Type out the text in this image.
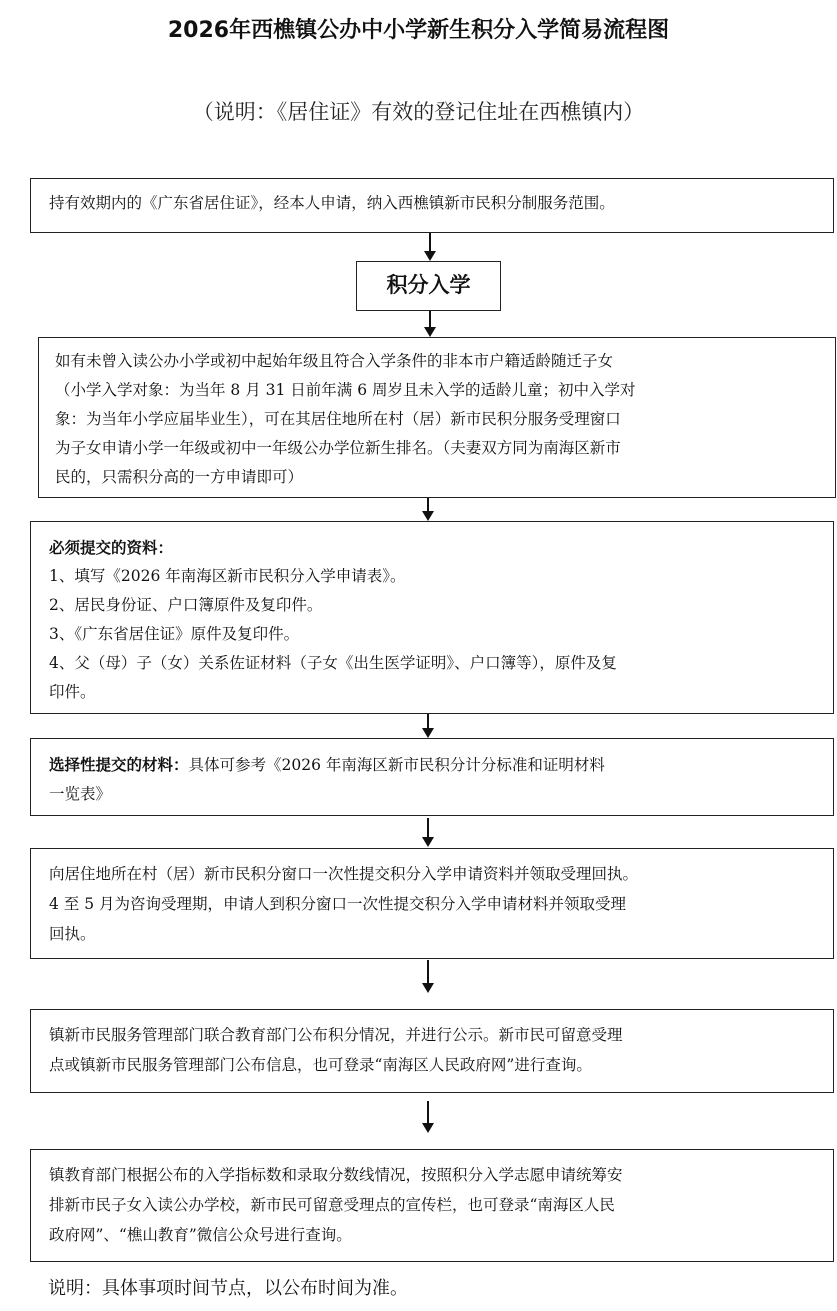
2026年西樵镇公办中小学新生积分入学简易流程图
（说明：《居住证》有效的登记住址在西樵镇内）

持有效期内的《广东省居住证》，经本人申请，纳入西樵镇新市民积分制服务范围。

积分入学

如有未曾入读公办小学或初中起始年级且符合入学条件的非本市户籍适龄随迁子女

（小学入学对象：为当年 8 月 31 日前年满 6 周岁且未入学的适龄儿童；初中入学对

象：为当年小学应届毕业生），可在其居住地所在村（居）新市民积分服务受理窗口

为子女申请小学一年级或初中一年级公办学位新生排名。（夫妻双方同为南海区新市

民的，只需积分高的一方申请即可）

必须提交的资料：

1、填写《2026 年南海区新市民积分入学申请表》。

2、居民身份证、户口簿原件及复印件。

3、《广东省居住证》原件及复印件。

4、父（母）子（女）关系佐证材料（子女《出生医学证明》、户口簿等），原件及复

印件。

选择性提交的材料：具体可参考《2026 年南海区新市民积分计分标准和证明材料

一览表》

向居住地所在村（居）新市民积分窗口一次性提交积分入学申请资料并领取受理回执。

4 至 5 月为咨询受理期，申请人到积分窗口一次性提交积分入学申请材料并领取受理

回执。

镇新市民服务管理部门联合教育部门公布积分情况，并进行公示。新市民可留意受理

点或镇新市民服务管理部门公布信息，也可登录“南海区人民政府网”进行查询。

镇教育部门根据公布的入学指标数和录取分数线情况，按照积分入学志愿申请统筹安

排新市民子女入读公办学校，新市民可留意受理点的宣传栏，也可登录“南海区人民

政府网”、“樵山教育”微信公众号进行查询。

说明：具体事项时间节点，以公布时间为准。
